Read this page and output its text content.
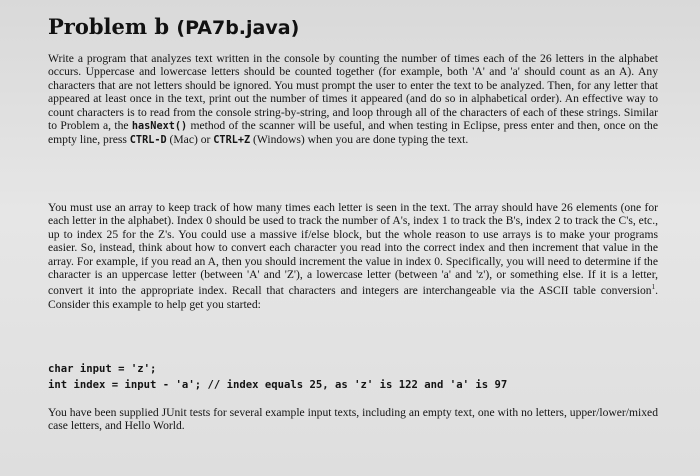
Problem b (PA7b.java)

Write a program that analyzes text written in the console by counting the number of times each of the 26 letters in the alphabet occurs. Uppercase and lowercase letters should be counted together (for example, both 'A' and 'a' should count as an A). Any characters that are not letters should be ignored. You must prompt the user to enter the text to be analyzed. Then, for any letter that appeared at least once in the text, print out the number of times it appeared (and do so in alphabetical order). An effective way to count characters is to read from the console string-by-string, and loop through all of the characters of each of these strings. Similar to Problem a, the hasNext() method of the scanner will be useful, and when testing in Eclipse, press enter and then, once on the empty line, press CTRL-D (Mac) or CTRL+Z (Windows) when you are done typing the text.

You must use an array to keep track of how many times each letter is seen in the text. The array should have 26 elements (one for each letter in the alphabet). Index 0 should be used to track the number of A's, index 1 to track the B's, index 2 to track the C's, etc., up to index 25 for the Z's. You could use a massive if/else block, but the whole reason to use arrays is to make your programs easier. So, instead, think about how to convert each character you read into the correct index and then increment that value in the array. For example, if you read an A, then you should increment the value in index 0. Specifically, you will need to determine if the character is an uppercase letter (between 'A' and 'Z'), a lowercase letter (between 'a' and 'z'), or something else. If it is a letter, convert it into the appropriate index. Recall that characters and integers are interchangeable via the ASCII table conversion$^1$. Consider this example to help get you started:

char input = 'z';
int index = input - 'a'; // index equals 25, as 'z' is 122 and 'a' is 97

You have been supplied JUnit tests for several example input texts, including an empty text, one with no letters, upper/lower/mixed case letters, and Hello World.
